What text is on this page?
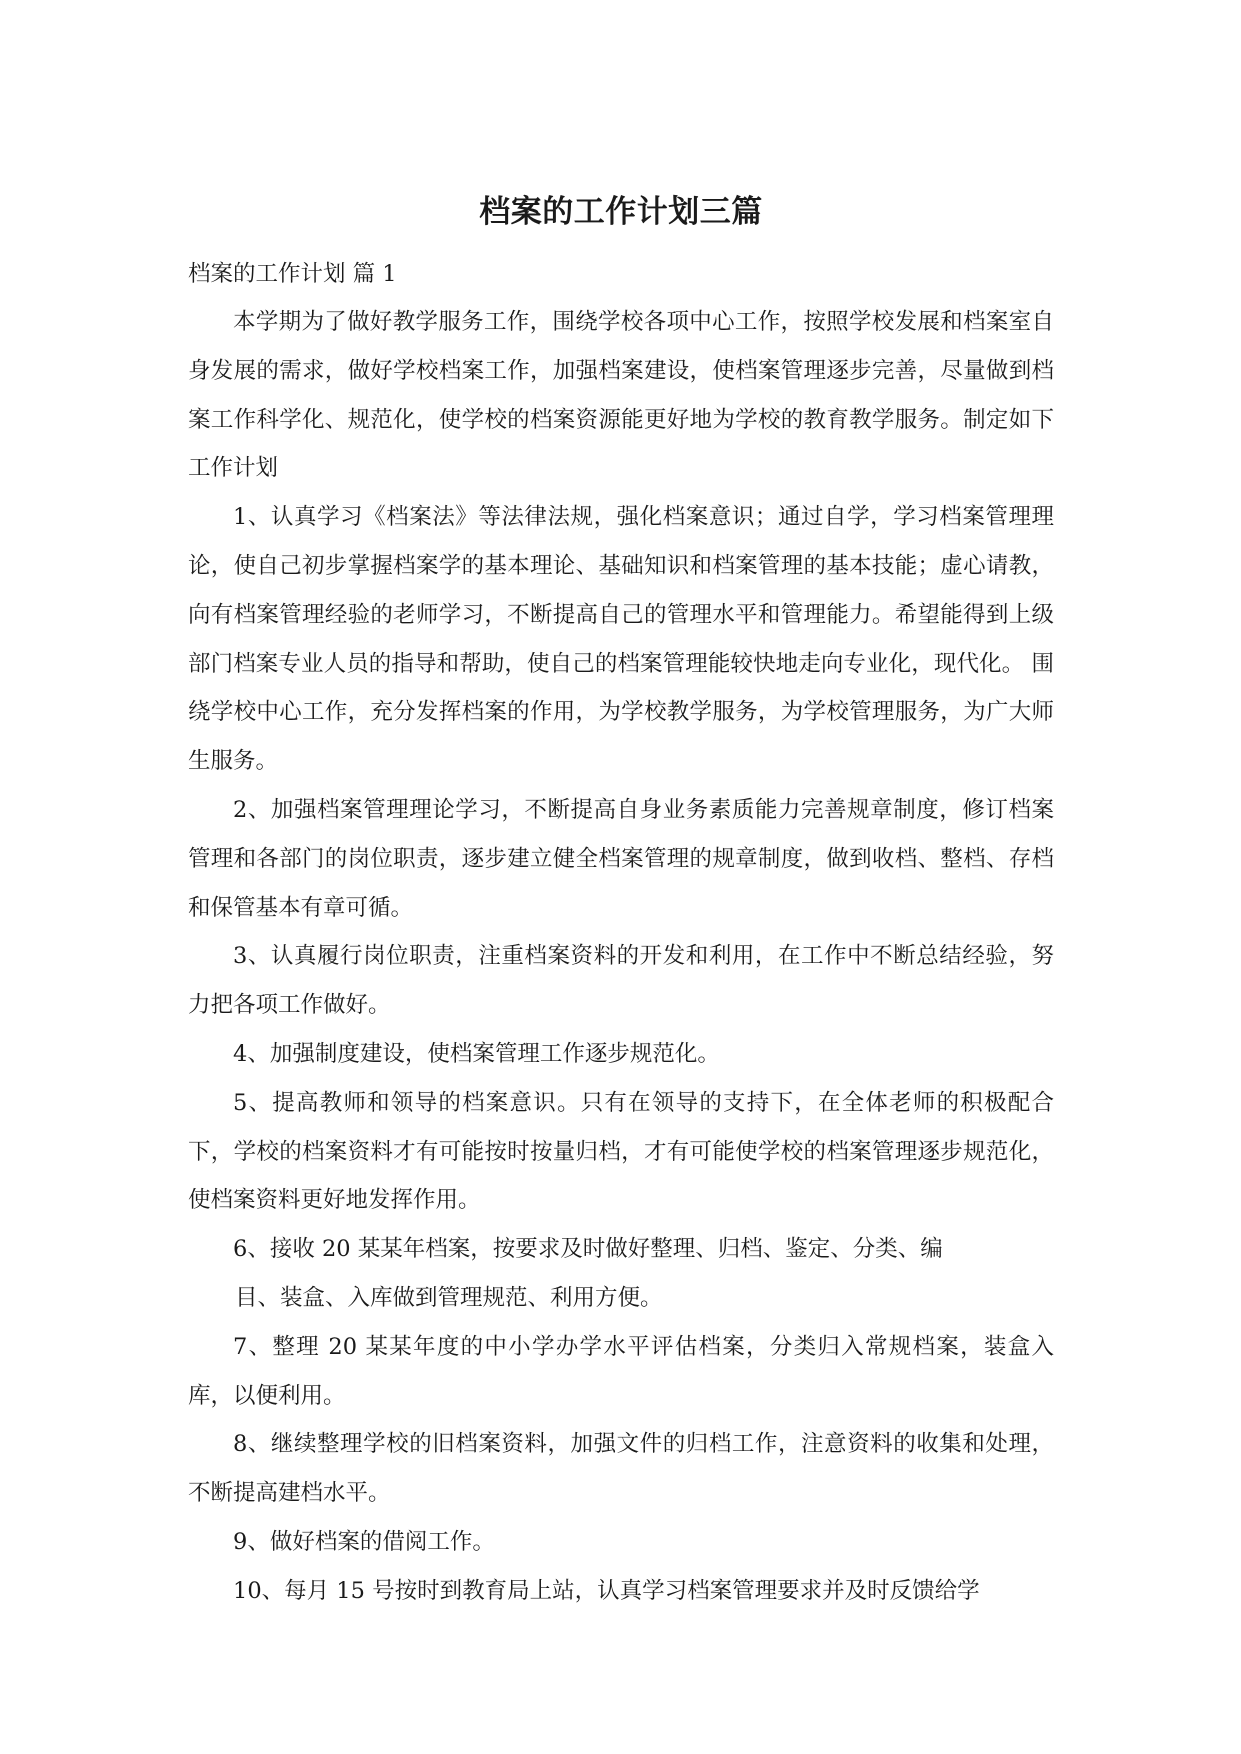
档案的工作计划三篇

档案的工作计划 篇 1

本学期为了做好教学服务工作，围绕学校各项中心工作，按照学校发展和档案室自身发展的需求，做好学校档案工作，加强档案建设，使档案管理逐步完善，尽量做到档案工作科学化、规范化，使学校的档案资源能更好地为学校的教育教学服务。制定如下工作计划

1、认真学习《档案法》等法律法规，强化档案意识；通过自学，学习档案管理理论，使自己初步掌握档案学的基本理论、基础知识和档案管理的基本技能；虚心请教，向有档案管理经验的老师学习，不断提高自己的管理水平和管理能力。希望能得到上级部门档案专业人员的指导和帮助，使自己的档案管理能较快地走向专业化，现代化。 围绕学校中心工作，充分发挥档案的作用，为学校教学服务，为学校管理服务，为广大师生服务。

2、加强档案管理理论学习，不断提高自身业务素质能力完善规章制度，修订档案管理和各部门的岗位职责，逐步建立健全档案管理的规章制度，做到收档、整档、存档和保管基本有章可循。

3、认真履行岗位职责，注重档案资料的开发和利用，在工作中不断总结经验，努力把各项工作做好。

4、加强制度建设，使档案管理工作逐步规范化。

5、提高教师和领导的档案意识。只有在领导的支持下，在全体老师的积极配合下，学校的档案资料才有可能按时按量归档，才有可能使学校的档案管理逐步规范化，使档案资料更好地发挥作用。

6、接收 20 某某年档案，按要求及时做好整理、归档、鉴定、分类、编
目、装盒、入库做到管理规范、利用方便。

7、整理 20 某某年度的中小学办学水平评估档案，分类归入常规档案，装盒入库，以便利用。

8、继续整理学校的旧档案资料，加强文件的归档工作，注意资料的收集和处理，不断提高建档水平。

9、做好档案的借阅工作。

10、每月 15 号按时到教育局上站，认真学习档案管理要求并及时反馈给学
